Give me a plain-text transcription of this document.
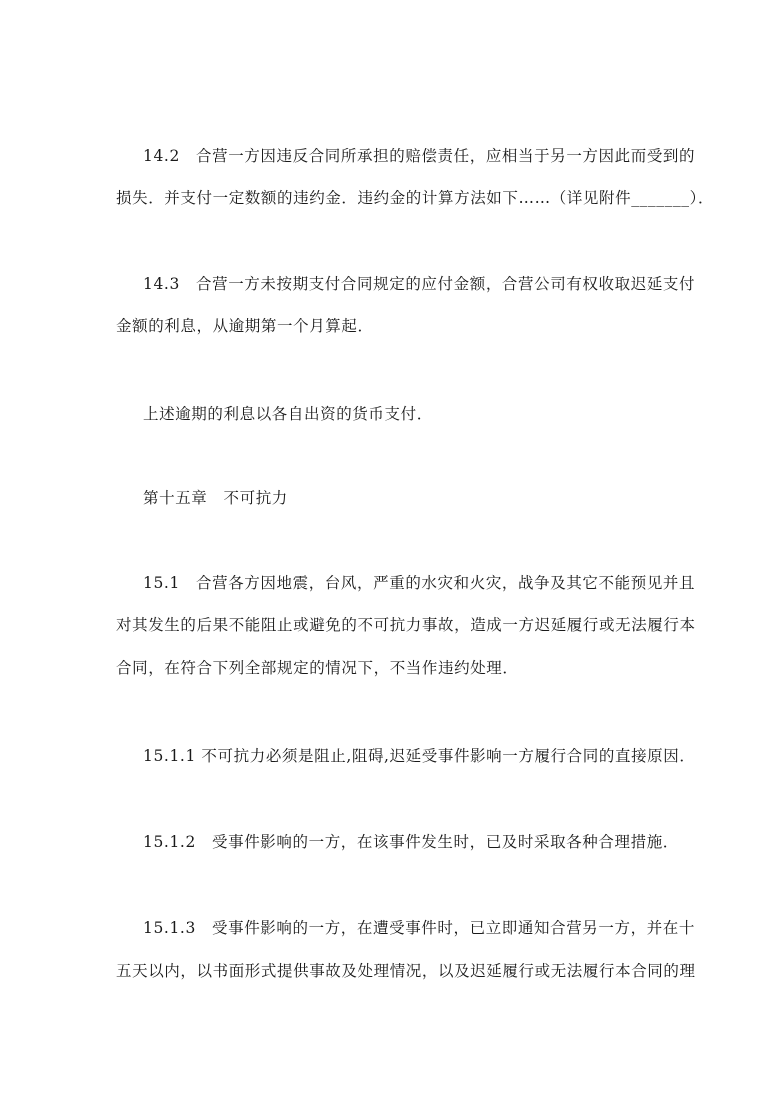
14.2　合营一方因违反合同所承担的赔偿责任，应相当于另一方因此而受到的
损失．并支付一定数额的违约金．违约金的计算方法如下……（详见附件_______）．
14.3　合营一方未按期支付合同规定的应付金额，合营公司有权收取迟延支付
金额的利息，从逾期第一个月算起．
上述逾期的利息以各自出资的货币支付．
第十五章　不可抗力
15.1　合营各方因地震，台风，严重的水灾和火灾，战争及其它不能预见并且
对其发生的后果不能阻止或避免的不可抗力事故，造成一方迟延履行或无法履行本
合同，在符合下列全部规定的情况下，不当作违约处理．
15.1.1 不可抗力必须是阻止,阻碍,迟延受事件影响一方履行合同的直接原因．
15.1.2　受事件影响的一方，在该事件发生时，已及时采取各种合理措施．
15.1.3　受事件影响的一方，在遭受事件时，已立即通知合营另一方，并在十
五天以内，以书面形式提供事故及处理情况，以及迟延履行或无法履行本合同的理
